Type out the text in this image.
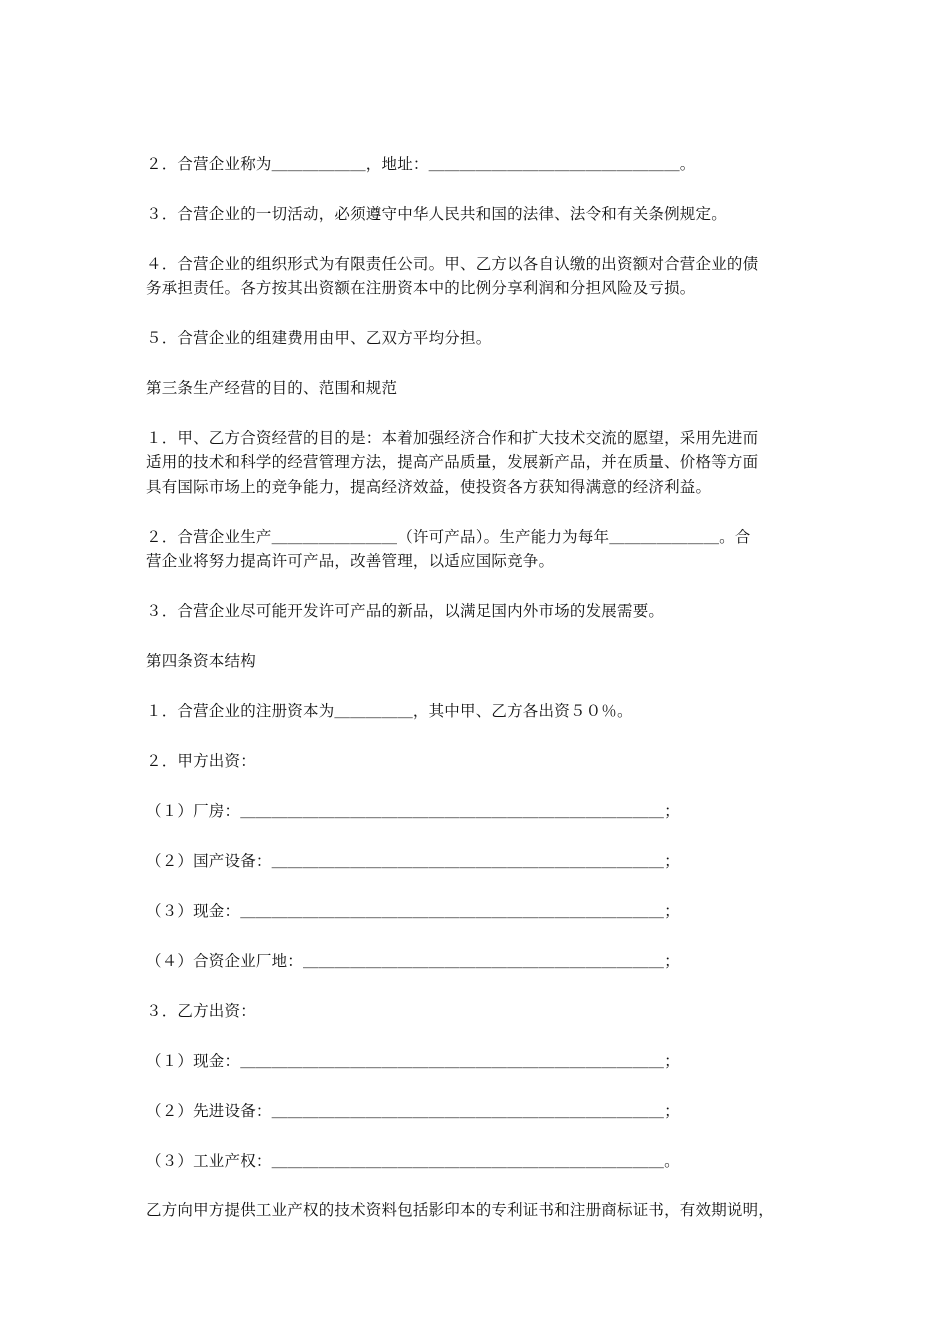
２．合营企业称为＿＿＿＿＿＿，地址：＿＿＿＿＿＿＿＿＿＿＿＿＿＿＿＿。
３．合营企业的一切活动，必须遵守中华人民共和国的法律、法令和有关条例规定。
４．合营企业的组织形式为有限责任公司。甲、乙方以各自认缴的出资额对合营企业的债
务承担责任。各方按其出资额在注册资本中的比例分享利润和分担风险及亏损。
５．合营企业的组建费用由甲、乙双方平均分担。
第三条生产经营的目的、范围和规范
１．甲、乙方合资经营的目的是：本着加强经济合作和扩大技术交流的愿望，采用先进而
适用的技术和科学的经营管理方法，提高产品质量，发展新产品，并在质量、价格等方面
具有国际市场上的竞争能力，提高经济效益，使投资各方获知得满意的经济利益。
２．合营企业生产＿＿＿＿＿＿＿＿（许可产品）。生产能力为每年＿＿＿＿＿＿＿。合
营企业将努力提高许可产品，改善管理，以适应国际竞争。
３．合营企业尽可能开发许可产品的新品，以满足国内外市场的发展需要。
第四条资本结构
１．合营企业的注册资本为＿＿＿＿＿，其中甲、乙方各出资５０％。
２．甲方出资：
（１）厂房：＿＿＿＿＿＿＿＿＿＿＿＿＿＿＿＿＿＿＿＿＿＿＿＿＿＿＿；
（２）国产设备：＿＿＿＿＿＿＿＿＿＿＿＿＿＿＿＿＿＿＿＿＿＿＿＿＿；
（３）现金：＿＿＿＿＿＿＿＿＿＿＿＿＿＿＿＿＿＿＿＿＿＿＿＿＿＿＿；
（４）合资企业厂地：＿＿＿＿＿＿＿＿＿＿＿＿＿＿＿＿＿＿＿＿＿＿＿；
３．乙方出资：
（１）现金：＿＿＿＿＿＿＿＿＿＿＿＿＿＿＿＿＿＿＿＿＿＿＿＿＿＿＿；
（２）先进设备：＿＿＿＿＿＿＿＿＿＿＿＿＿＿＿＿＿＿＿＿＿＿＿＿＿；
（３）工业产权：＿＿＿＿＿＿＿＿＿＿＿＿＿＿＿＿＿＿＿＿＿＿＿＿＿。
乙方向甲方提供工业产权的技术资料包括影印本的专利证书和注册商标证书，有效期说明，
